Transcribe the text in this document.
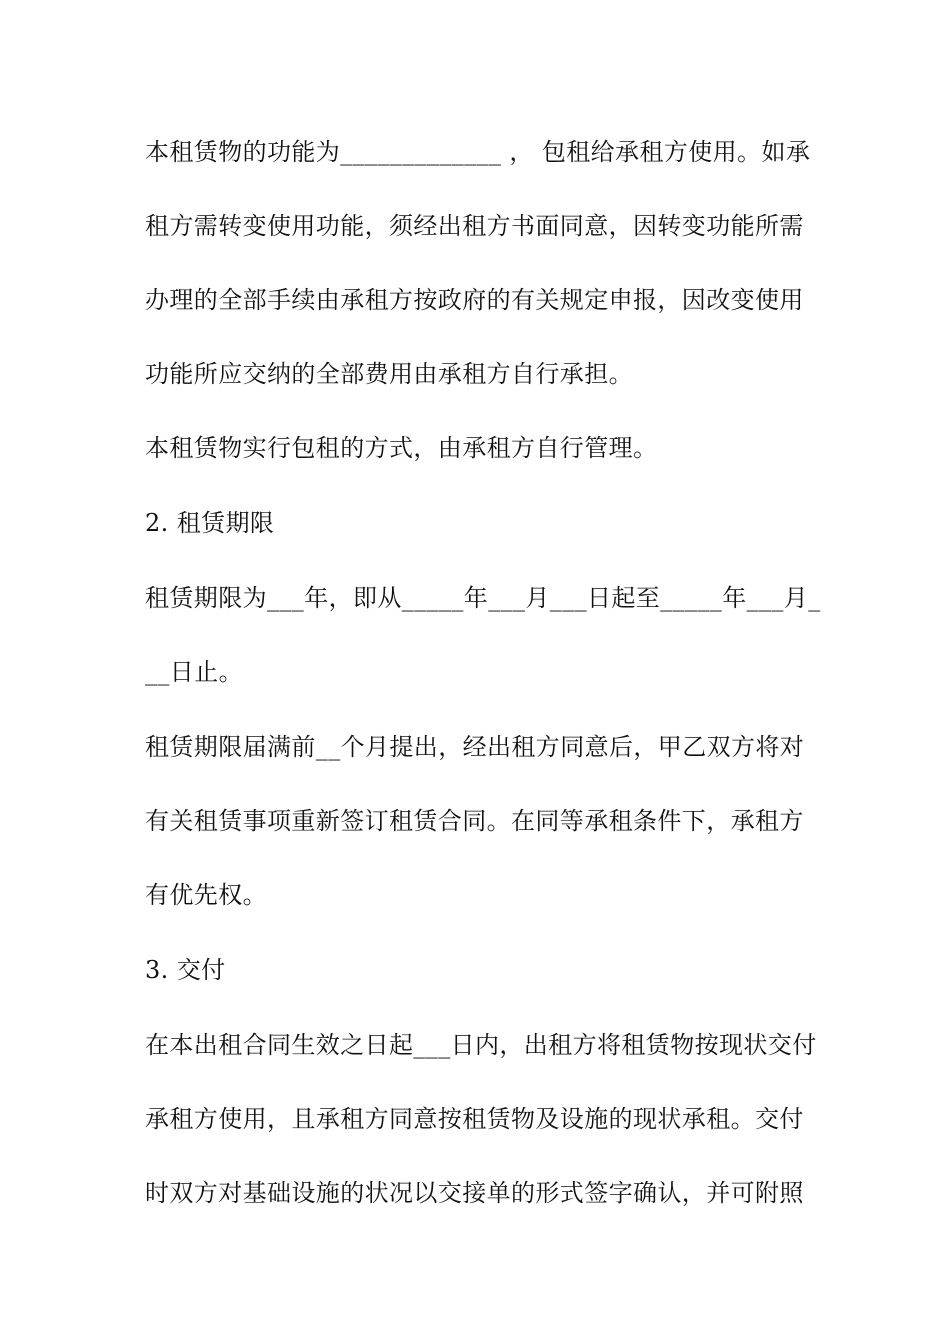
本租赁物的功能为_____________ ， 包租给承租方使用。如承
租方需转变使用功能，须经出租方书面同意，因转变功能所需
办理的全部手续由承租方按政府的有关规定申报，因改变使用
功能所应交纳的全部费用由承租方自行承担。
本租赁物实行包租的方式，由承租方自行管理。
2. 租赁期限
租赁期限为___年，即从_____年___月___日起至_____年___月_
__日止。
租赁期限届满前__个月提出，经出租方同意后，甲乙双方将对
有关租赁事项重新签订租赁合同。在同等承租条件下，承租方
有优先权。
3. 交付
在本出租合同生效之日起___日内，出租方将租赁物按现状交付
承租方使用，且承租方同意按租赁物及设施的现状承租。交付
时双方对基础设施的状况以交接单的形式签字确认，并可附照
